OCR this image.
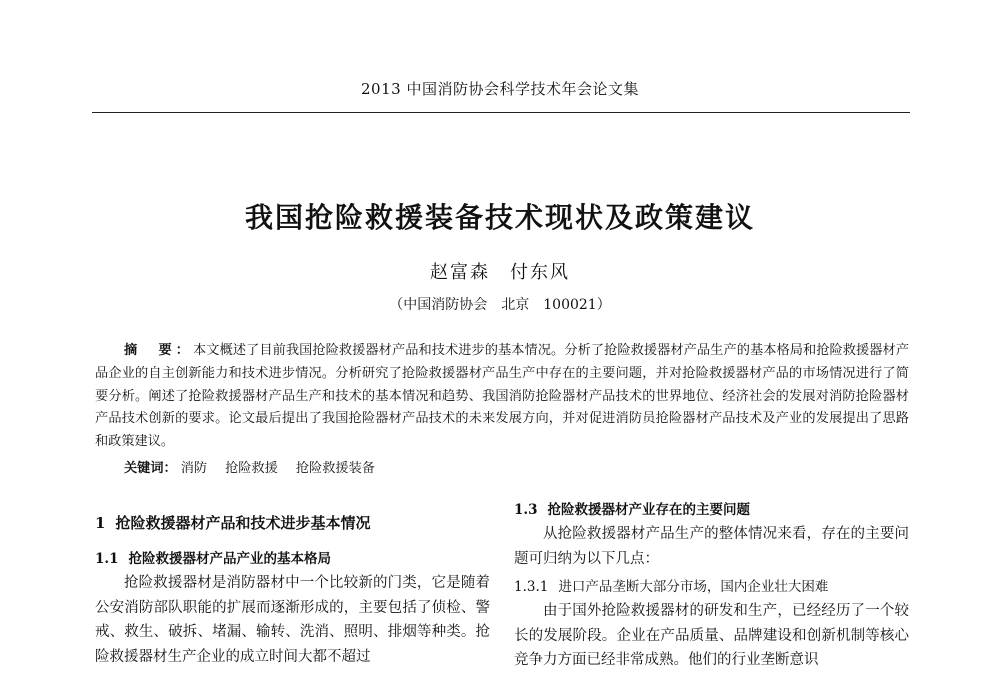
2013 中国消防协会科学技术年会论文集
我国抢险救援装备技术现状及政策建议
赵富森　付东风
（中国消防协会　北京　100021）

摘　要：本文概述了目前我国抢险救援器材产品和技术进步的基本情况。分析了抢险救援器材产品生产的基本格局和抢险救援器材产品企业的自主创新能力和技术进步情况。分析研究了抢险救援器材产品生产中存在的主要问题，并对抢险救援器材产品的市场情况进行了简要分析。阐述了抢险救援器材产品生产和技术的基本情况和趋势、我国消防抢险器材产品技术的世界地位、经济社会的发展对消防抢险器材产品技术创新的要求。论文最后提出了我国抢险器材产品技术的未来发展方向，并对促进消防员抢险器材产品技术及产业的发展提出了思路和政策建议。

关键词： 消防 抢险救援 抢险救援装备

1 抢险救援器材产品和技术进步基本情况

1.1 抢险救援器材产品产业的基本格局

抢险救援器材是消防器材中一个比较新的门类，它是随着公安消防部队职能的扩展而逐渐形成的，主要包括了侦检、警戒、救生、破拆、堵漏、输转、洗消、照明、排烟等种类。抢险救援器材生产企业的成立时间大都不超过

1.3 抢险救援器材产业存在的主要问题

从抢险救援器材产品生产的整体情况来看，存在的主要问题可归纳为以下几点：

1.3.1 进口产品垄断大部分市场，国内企业壮大困难

由于国外抢险救援器材的研发和生产，已经经历了一个较长的发展阶段。企业在产品质量、品牌建设和创新机制等核心竞争力方面已经非常成熟。他们的行业垄断意识
